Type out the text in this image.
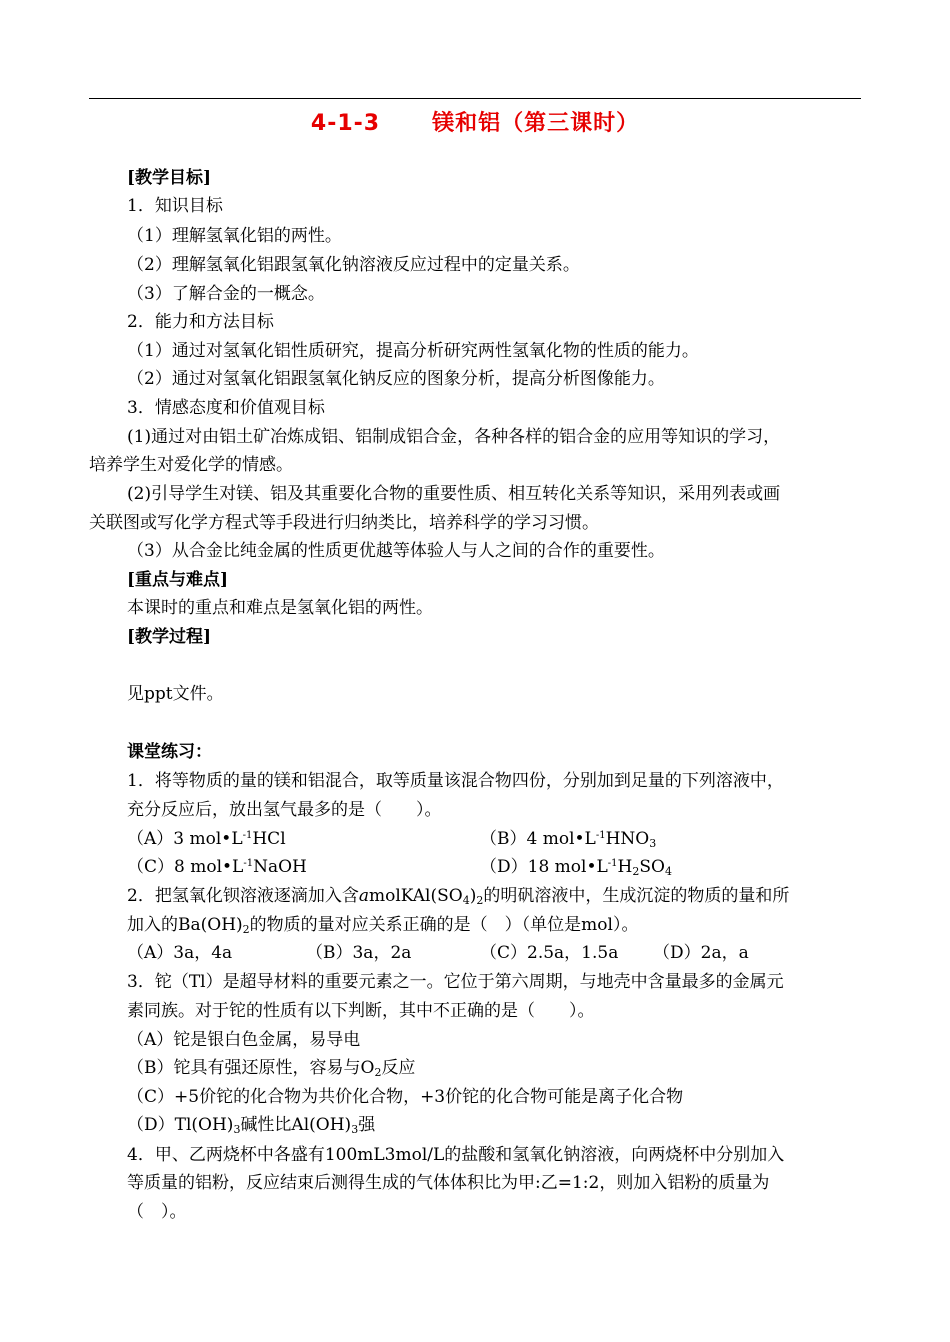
4-1-3 镁和铝（第三课时）
[教学目标]
1．知识目标
（1）理解氢氧化铝的两性。
（2）理解氢氧化铝跟氢氧化钠溶液反应过程中的定量关系。
（3）了解合金的一概念。
2．能力和方法目标
（1）通过对氢氧化铝性质研究，提高分析研究两性氢氧化物的性质的能力。
（2）通过对氢氧化铝跟氢氧化钠反应的图象分析，提高分析图像能力。
3．情感态度和价值观目标
(1)通过对由铝土矿冶炼成铝、铝制成铝合金，各种各样的铝合金的应用等知识的学习，
培养学生对爱化学的情感。
(2)引导学生对镁、铝及其重要化合物的重要性质、相互转化关系等知识，采用列表或画
关联图或写化学方程式等手段进行归纳类比，培养科学的学习习惯。
（3）从合金比纯金属的性质更优越等体验人与人之间的合作的重要性。
[重点与难点]
本课时的重点和难点是氢氧化铝的两性。
[教学过程]
见ppt文件。
课堂练习：
1．将等物质的量的镁和铝混合，取等质量该混合物四份，分别加到足量的下列溶液中，
充分反应后，放出氢气最多的是（　　）。
（A）3 $mol•L^{-1}HCl$	（B）4 $mol•L^{-1}HNO_3$
（C）8 $mol•L^{-1}NaOH$	（D）18 $mol•L^{-1}H_2SO_4$
2．把氢氧化钡溶液逐滴加入含$amolKAl(SO_4)_2$的明矾溶液中，生成沉淀的物质的量和所
加入的$Ba(OH)_2$的物质的量对应关系正确的是（　）（单位是mol）。
（A）3a，4a	（B）3a，2a	（C）2.5a，1.5a （D）2a，a
3．铊（Tl）是超导材料的重要元素之一。它位于第六周期，与地壳中含量最多的金属元
素同族。对于铊的性质有以下判断，其中不正确的是（　　）。
（A）铊是银白色金属，易导电
（B）铊具有强还原性，容易与$O_2$反应
（C）+5价铊的化合物为共价化合物，+3价铊的化合物可能是离子化合物
$(D)Tl(OH)_3$碱性比$Al(OH)_3$强
4．甲、乙两烧杯中各盛有100mL3mol/L的盐酸和氢氧化钠溶液，向两烧杯中分别加入
等质量的铝粉，反应结束后测得生成的气体体积比为甲:乙=1:2，则加入铝粉的质量为
（　）。
